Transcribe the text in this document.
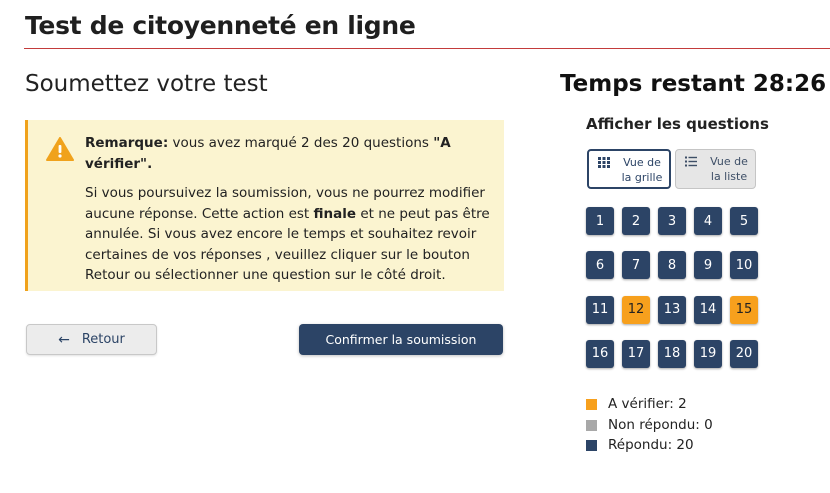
Test de citoyenneté en ligne
Soumettez votre test

Remarque: vous avez marqué 2 des 20 questions "A vérifier".

Si vous poursuivez la soumission, vous ne pourrez modifier aucune réponse. Cette action est finale et ne peut pas être annulée. Si vous avez encore le temps et souhaitez revoir certaines de vos réponses , veuillez cliquer sur le bouton Retour ou sélectionner une question sur le côté droit.

← Retour	Confirmer la soumission
Temps restant 28:26
Afficher les questions
Vue de la grille
Vue de la liste
1	2	3	4	5
6	7	8	9	10
11	12	13	14	15
16	17	18	19	20
A vérifier: 2
Non répondu: 0
Répondu: 20
